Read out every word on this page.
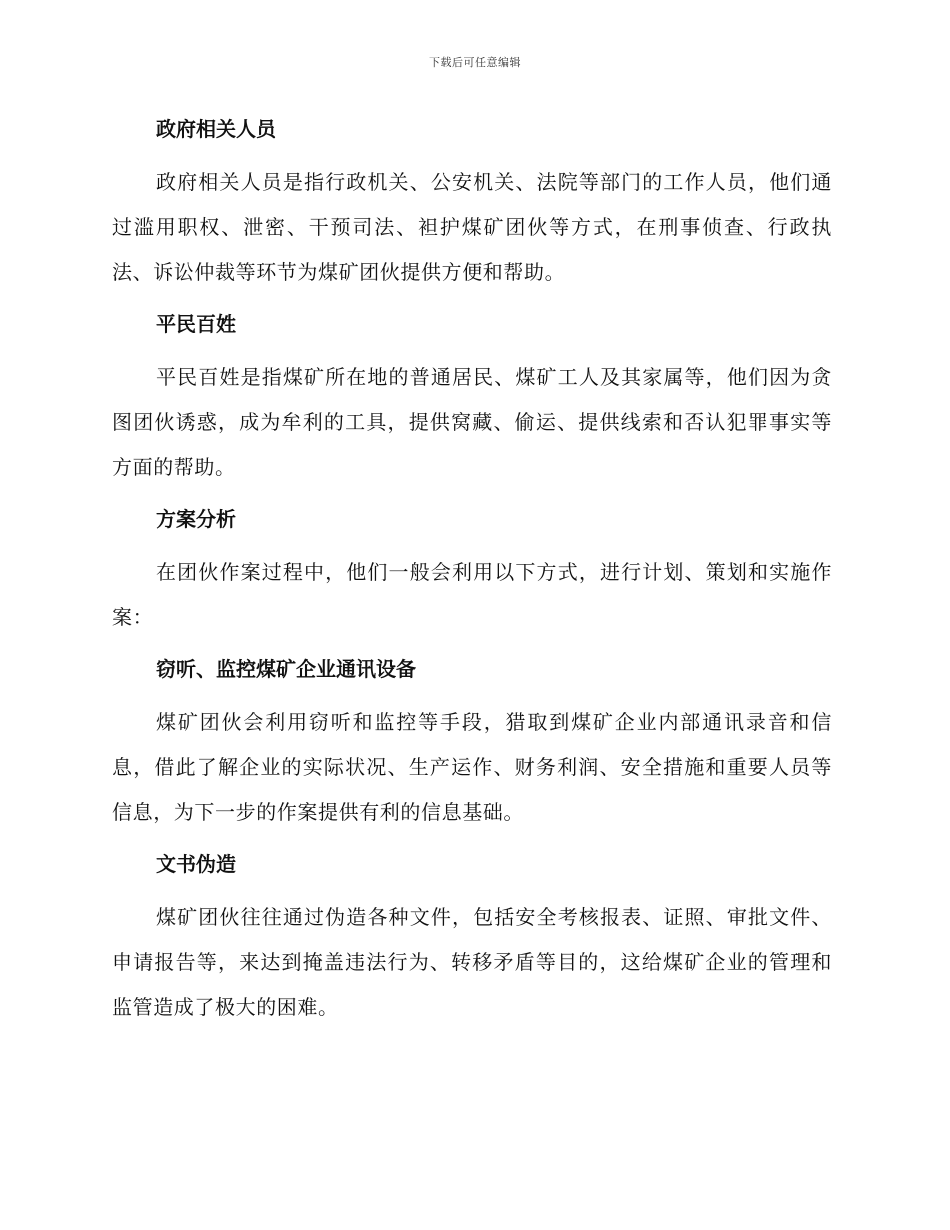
下载后可任意编辑
政府相关人员

政府相关人员是指行政机关、公安机关、法院等部门的工作人员，他们通过滥用职权、泄密、干预司法、袒护煤矿团伙等方式，在刑事侦查、行政执法、诉讼仲裁等环节为煤矿团伙提供方便和帮助。

平民百姓

平民百姓是指煤矿所在地的普通居民、煤矿工人及其家属等，他们因为贪图团伙诱惑，成为牟利的工具，提供窝藏、偷运、提供线索和否认犯罪事实等方面的帮助。

方案分析

在团伙作案过程中，他们一般会利用以下方式，进行计划、策划和实施作案：

窃听、监控煤矿企业通讯设备

煤矿团伙会利用窃听和监控等手段，猎取到煤矿企业内部通讯录音和信息，借此了解企业的实际状况、生产运作、财务利润、安全措施和重要人员等信息，为下一步的作案提供有利的信息基础。

文书伪造

煤矿团伙往往通过伪造各种文件，包括安全考核报表、证照、审批文件、申请报告等，来达到掩盖违法行为、转移矛盾等目的，这给煤矿企业的管理和监管造成了极大的困难。
